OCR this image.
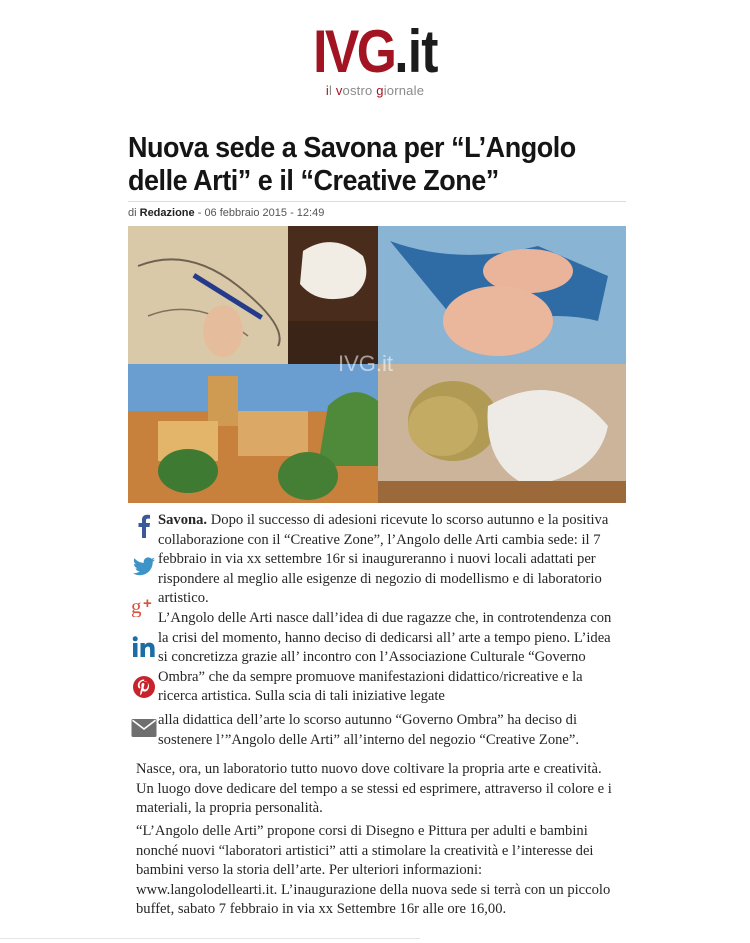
IVG.it
il vostro giornale
Nuova sede a Savona per “L’Angolo delle Arti” e il “Creative Zone”
di Redazione - 06 febbraio 2015 - 12:49
IVG.it
g +

Savona. Dopo il successo di adesioni ricevute lo scorso autunno e la positiva collaborazione con il “Creative Zone”, l’Angolo delle Arti cambia sede: il 7 febbraio in via xx settembre 16r si inaugureranno i nuovi locali adattati per rispondere al meglio alle esigenze di negozio di modellismo e di laboratorio artistico.

L’Angolo delle Arti nasce dall’idea di due ragazze che, in controtendenza con la crisi del momento, hanno deciso di dedicarsi all’ arte a tempo pieno. L’idea si concretizza grazie all’ incontro con l’Associazione Culturale “Governo Ombra” che da sempre promuove manifestazioni didattico/ricreative e la ricerca artistica. Sulla scia di tali iniziative legate

alla didattica dell’arte lo scorso autunno “Governo Ombra” ha deciso di sostenere l’”Angolo delle Arti” all’interno del negozio “Creative Zone”.

Nasce, ora, un laboratorio tutto nuovo dove coltivare la propria arte e creatività. Un luogo dove dedicare del tempo a se stessi ed esprimere, attraverso il colore e i materiali, la propria personalità.

“L’Angolo delle Arti” propone corsi di Disegno e Pittura per adulti e bambini nonché nuovi “laboratori artistici” atti a stimolare la creatività e l’interesse dei bambini verso la storia dell’arte. Per ulteriori informazioni: www.langolodellearti.it. L’inaugurazione della nuova sede si terrà con un piccolo buffet, sabato 7 febbraio in via xx Settembre 16r alle ore 16,00.
